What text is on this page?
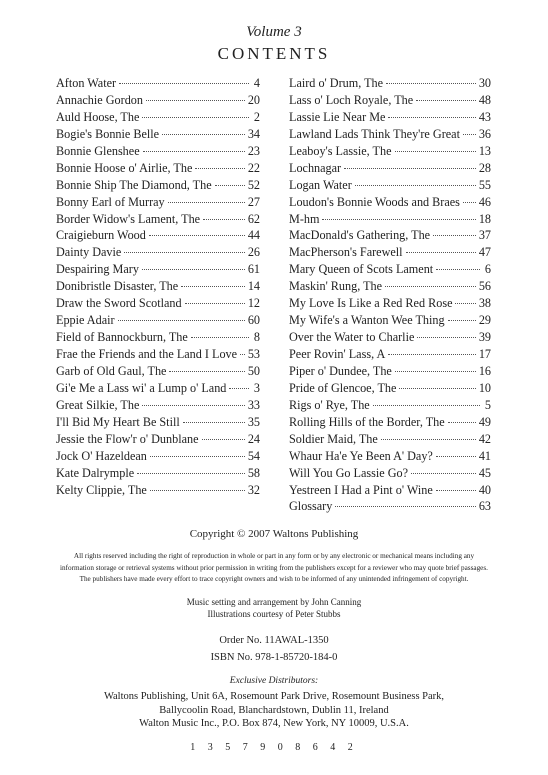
Volume 3
CONTENTS
Afton Water	4
Annachie Gordon	20
Auld Hoose, The	2
Bogie's Bonnie Belle	34
Bonnie Glenshee	23
Bonnie Hoose o' Airlie, The	22
Bonnie Ship The Diamond, The	52
Bonny Earl of Murray	27
Border Widow's Lament, The	62
Craigieburn Wood	44
Dainty Davie	26
Despairing Mary	61
Donibristle Disaster, The	14
Draw the Sword Scotland	12
Eppie Adair	60
Field of Bannockburn, The	8
Frae the Friends and the Land I Love 53
Garb of Old Gaul, The	50
Gi'e Me a Lass wi' a Lump o' Land 3
Great Silkie, The	33
I'll Bid My Heart Be Still	35
Jessie the Flow'r o' Dunblane	24
Jock O' Hazeldean	54
Kate Dalrymple	58
Kelty Clippie, The	32
Laird o' Drum, The	30
Lass o' Loch Royale, The	48
Lassie Lie Near Me	43
Lawland Lads Think They're Great 36
Leaboy's Lassie, The	13
Lochnagar	28
Logan Water	55
Loudon's Bonnie Woods and Braes 46
M-hm	18
MacDonald's Gathering, The	37
MacPherson's Farewell	47
Mary Queen of Scots Lament	6
Maskin' Rung, The	56
My Love Is Like a Red Red Rose 38
My Wife's a Wanton Wee Thing	29
Over the Water to Charlie	39
Peer Rovin' Lass, A	17
Piper o' Dundee, The	16
Pride of Glencoe, The	10
Rigs o' Rye, The	5
Rolling Hills of the Border, The	49
Soldier Maid, The	42
Whaur Ha'e Ye Been A' Day?	41
Will You Go Lassie Go?	45
Yestreen I Had a Pint o' Wine	40
Glossary	63
Copyright © 2007 Waltons Publishing
All rights reserved including the right of reproduction in whole or part in any form or by any electronic or mechanical means including any
information storage or retrieval systems without prior permission in writing from the publishers except for a reviewer who may quote brief passages.
The publishers have made every effort to trace copyright owners and wish to be informed of any unintended infringement of copyright.
Music setting and arrangement by John Canning
Illustrations courtesy of Peter Stubbs
Order No. 11AWAL-1350
ISBN No. 978-1-85720-184-0
Exclusive Distributors:
Waltons Publishing, Unit 6A, Rosemount Park Drive, Rosemount Business Park,
Ballycoolin Road, Blanchardstown, Dublin 11, Ireland
Walton Music Inc., P.O. Box 874, New York, NY 10009, U.S.A.
1 3 5 7 9 0 8 6 4 2
